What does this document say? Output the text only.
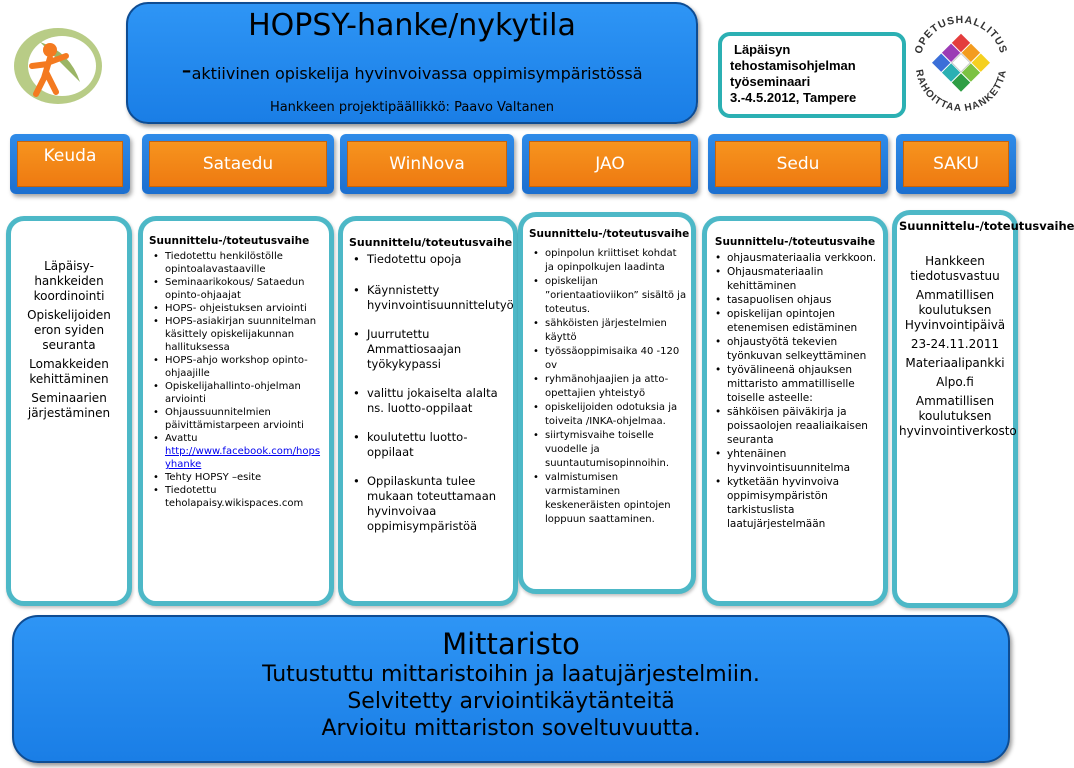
HOPSY-hanke/nykytila
-aktiivinen opiskelija hyvinvoivassa oppimisympäristössä
Hankkeen projektipäällikkö: Paavo Valtanen
Läpäisyn
tehostamisohjelman
työseminaari
3.-4.5.2012, Tampere
OPETUSHALLITUS
RAHOITTAA HANKETTA
Keuda	Sataedu	WinNova	JAO	Sedu	SAKU

Läpäisy-hankkeiden koordinointi

Opiskelijoiden eron syiden seuranta

Lomakkeiden kehittäminen

Seminaarien järjestäminen

Suunnittelu-/toteutusvaihe
• Tiedotettu henkilöstölle opintoalavastaaville
• Seminaarikokous/ Sataedun opinto-ohjaajat
• HOPS- ohjeistuksen arviointi
• HOPS-asiakirjan suunnitelman käsittely opiskelijakunnan hallituksessa
• HOPS-ahjo workshop opinto-ohjaajille
• Opiskelijahallinto-ohjelman arviointi
• Ohjaussuunnitelmien päivittämistarpeen arviointi
• Avattu
http://www.facebook.com/hopsyhanke
• Tehty HOPSY –esite
• Tiedotettu teholapaisy.wikispaces.com
Suunnittelu/toteutusvaihe
• Tiedotettu opoja
• Käynnistetty hyvinvointisuunnittelutyö
• Juurrutettu Ammattiosaajan työkykypassi
• valittu jokaiselta alalta ns. luotto-oppilaat
• koulutettu luotto-oppilaat
• Oppilaskunta tulee mukaan toteuttamaan hyvinvoivaa oppimisympäristöä
Suunnittelu-/toteutusvaihe
• opinpolun kriittiset kohdat ja opinpolkujen laadinta
• opiskelijan ”orientaatioviikon” sisältö ja toteutus.
• sähköisten järjestelmien käyttö
• työssäoppimisaika 40 -120 ov
• ryhmänohjaajien ja atto-opettajien yhteistyö
• opiskelijoiden odotuksia ja toiveita /INKA-ohjelmaa.
• siirtymisvaihe toiselle vuodelle ja suuntautumisopinnoihin.
• valmistumisen varmistaminen keskeneräisten opintojen loppuun saattaminen.
Suunnittelu-/toteutusvaihe
• ohjausmateriaalia verkkoon.
• Ohjausmateriaalin kehittäminen
• tasapuolisen ohjaus
• opiskelijan opintojen etenemisen edistäminen
• ohjaustyötä tekevien työnkuvan selkeyttäminen
• työvälineenä ohjauksen mittaristo ammatilliselle toiselle asteelle:
• sähköisen päiväkirja ja poissaolojen reaaliaikaisen seuranta
• yhtenäinen hyvinvointisuunnitelma
• kytketään hyvinvoiva oppimisympäristön tarkistuslista laatujärjestelmään
Suunnittelu-/toteutusvaihe

Hankkeen tiedotusvastuu

Ammatillisen koulutuksen Hyvinvointipäivä

23-24.11.2011

Materiaalipankki

Alpo.fi

Ammatillisen koulutuksen hyvinvointiverkosto

Mittaristo
Tutustuttu mittaristoihin ja laatujärjestelmiin.
Selvitetty arviointikäytänteitä
Arvioitu mittariston soveltuvuutta.
